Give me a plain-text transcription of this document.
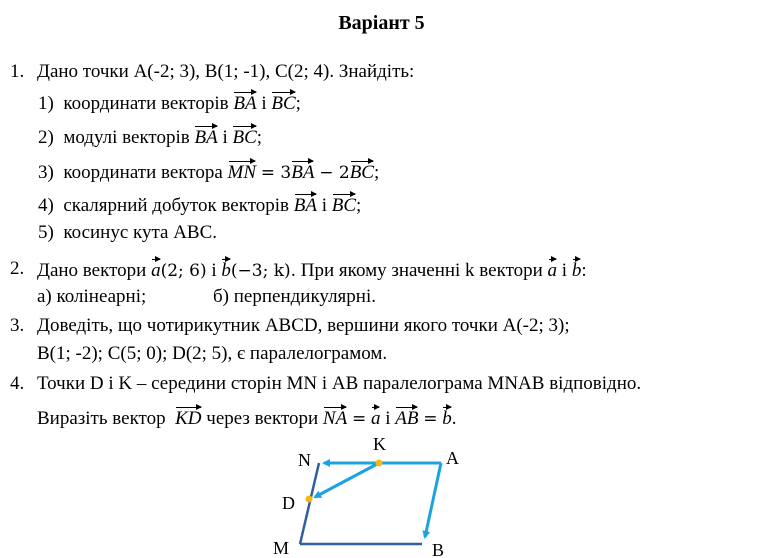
Варіант 5
1. Дано точки A(-2; 3), B(1; -1), C(2; 4). Знайдіть:
1) координати векторів BA і BC;
2) модулі векторів BA і BC;
3) координати вектора MN = 3BA − 2BC;
4) скалярний добуток векторів BA і BC;
5) косинус кута ABC.
2. Дано вектори a(2; 6) і b(−3; k). При якому значенні k вектори a і b:
а) колінеарні;	б) перпендикулярні.
3. Доведіть, що чотирикутник ABCD, вершини якого точки A(-2; 3);
B(1; -2); C(5; 0); D(2; 5), є паралелограмом.
4. Точки D і K – середини сторін MN і AB паралелограма MNAB відповідно.
Виразіть вектор KD через вектори NA = a і AB = b.
N
K
A
D
M	B
